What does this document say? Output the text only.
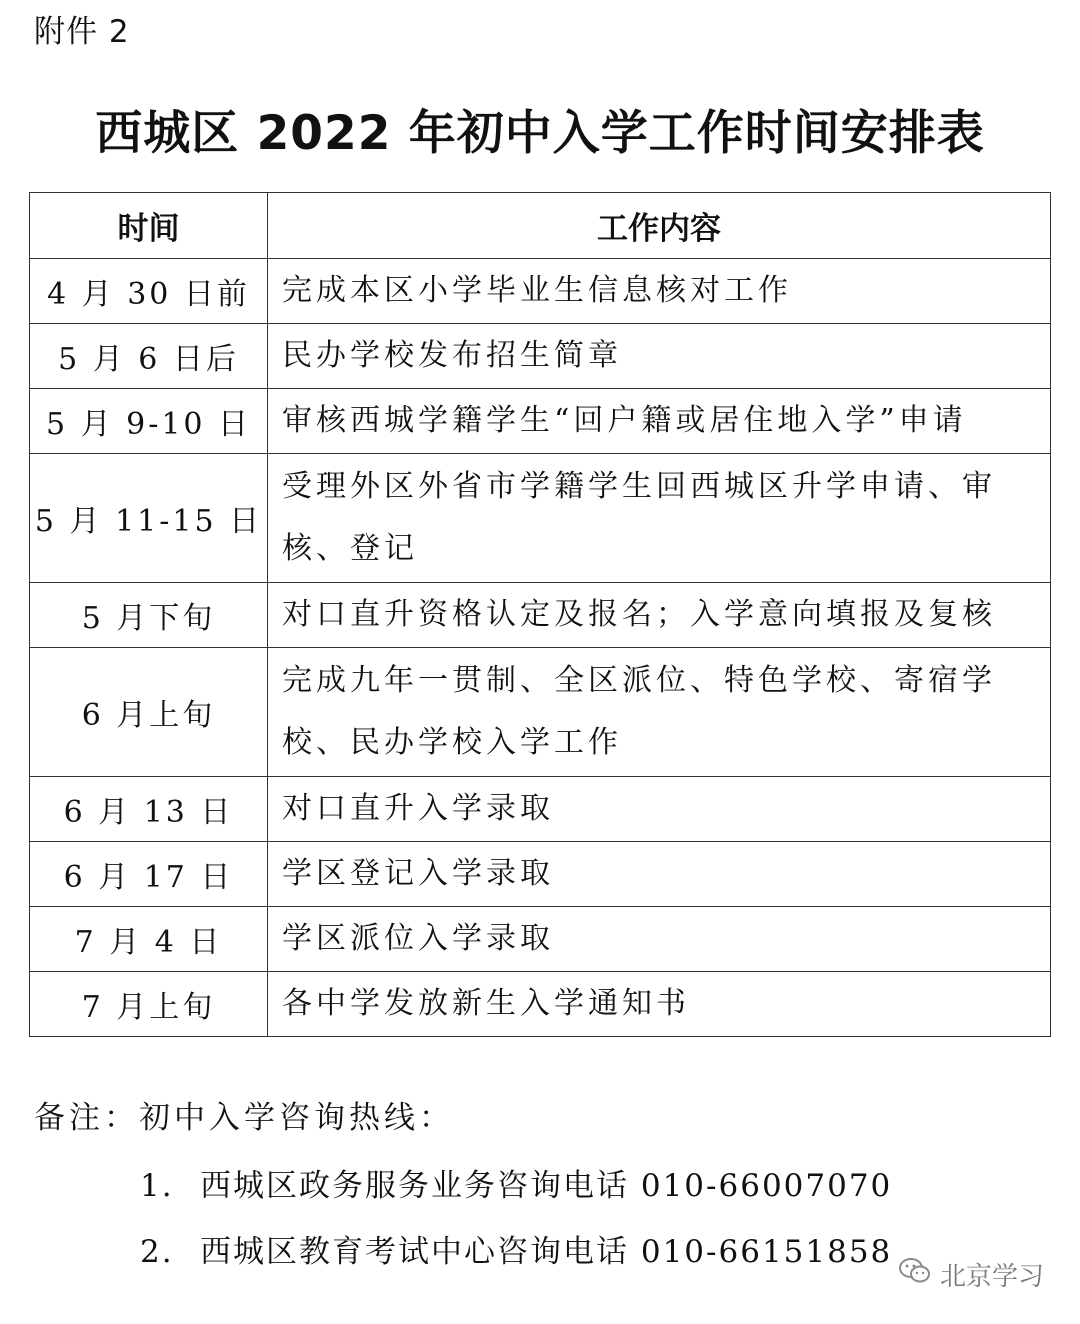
附件 2
西城区 2022 年初中入学工作时间安排表
时间	工作内容
4 月 30 日前	完成本区小学毕业生信息核对工作
5 月 6 日后	民办学校发布招生简章
5 月 9-10 日	审核西城学籍学生“回户籍或居住地入学”申请
5 月 11-15 日	受理外区外省市学籍学生回西城区升学申请、审核、登记
5 月下旬	对口直升资格认定及报名；入学意向填报及复核
6 月上旬	完成九年一贯制、全区派位、特色学校、寄宿学校、民办学校入学工作
6 月 13 日	对口直升入学录取
6 月 17 日	学区登记入学录取
7 月 4 日	学区派位入学录取
7 月上旬	各中学发放新生入学通知书
备注：初中入学咨询热线：
1. 西城区政务服务业务咨询电话 010-66007070
2. 西城区教育考试中心咨询电话 010-66151858
北京学习
